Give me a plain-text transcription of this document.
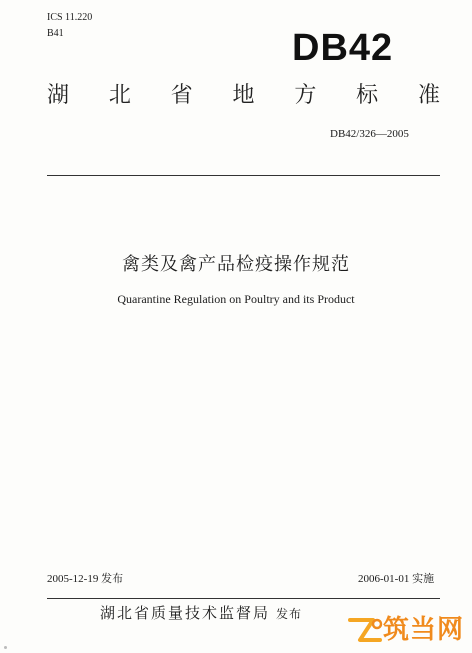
ICS 11.220
B41	DB42
湖 北 省 地 方 标 准
DB42/326—2005
禽类及禽产品检疫操作规范
Quarantine Regulation on Poultry and its Product
2005-12-19 发布	2006-01-01 实施
湖北省质量技术监督局 发布
筑当网
